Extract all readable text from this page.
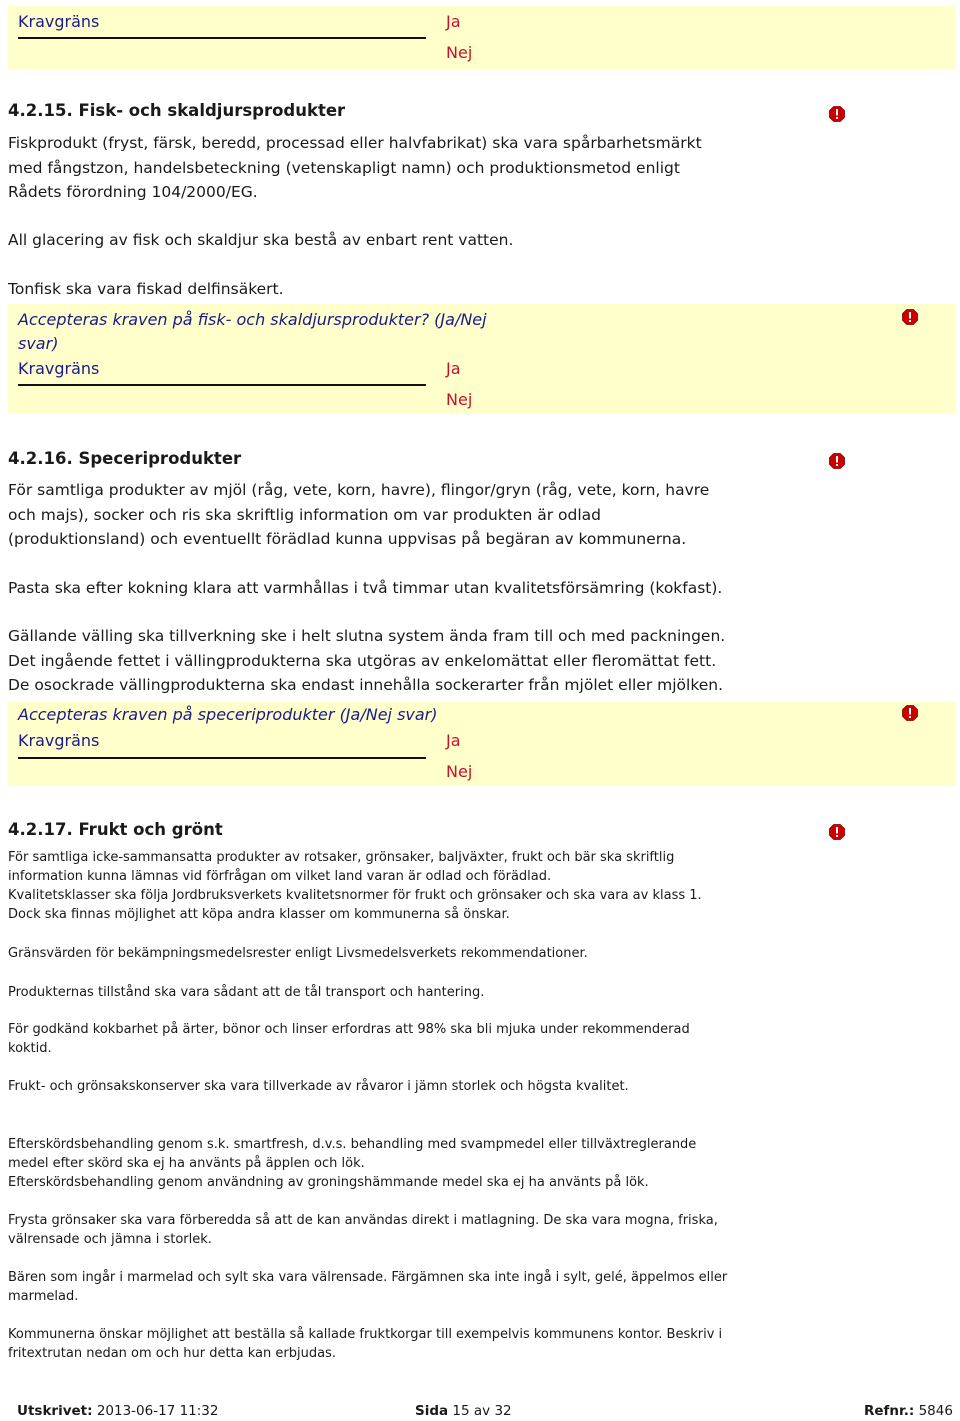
Kravgräns	Ja
Nej
4.2.15. Fisk- och skaldjursprodukter
Fiskprodukt (fryst, färsk, beredd, processad eller halvfabrikat) ska vara spårbarhetsmärkt
med fångstzon, handelsbeteckning (vetenskapligt namn) och produktionsmetod enligt
Rådets förordning 104/2000/EG.
All glacering av fisk och skaldjur ska bestå av enbart rent vatten.
Tonfisk ska vara fiskad delfinsäkert.
Accepteras kraven på fisk- och skaldjursprodukter? (Ja/Nej
svar)
Kravgräns	Ja
Nej
4.2.16. Speceriprodukter
För samtliga produkter av mjöl (råg, vete, korn, havre), flingor/gryn (råg, vete, korn, havre
och majs), socker och ris ska skriftlig information om var produkten är odlad
(produktionsland) och eventuellt förädlad kunna uppvisas på begäran av kommunerna.
Pasta ska efter kokning klara att varmhållas i två timmar utan kvalitetsförsämring (kokfast).
Gällande välling ska tillverkning ske i helt slutna system ända fram till och med packningen.
Det ingående fettet i vällingprodukterna ska utgöras av enkelomättat eller fleromättat fett.
De osockrade vällingprodukterna ska endast innehålla sockerarter från mjölet eller mjölken.
Accepteras kraven på speceriprodukter (Ja/Nej svar)
Kravgräns	Ja
Nej
4.2.17. Frukt och grönt
För samtliga icke-sammansatta produkter av rotsaker, grönsaker, baljväxter, frukt och bär ska skriftlig
information kunna lämnas vid förfrågan om vilket land varan är odlad och förädlad.
Kvalitetsklasser ska följa Jordbruksverkets kvalitetsnormer för frukt och grönsaker och ska vara av klass 1.
Dock ska finnas möjlighet att köpa andra klasser om kommunerna så önskar.
Gränsvärden för bekämpningsmedelsrester enligt Livsmedelsverkets rekommendationer.
Produkternas tillstånd ska vara sådant att de tål transport och hantering.
För godkänd kokbarhet på ärter, bönor och linser erfordras att 98% ska bli mjuka under rekommenderad
koktid.
Frukt- och grönsakskonserver ska vara tillverkade av råvaror i jämn storlek och högsta kvalitet.
Efterskördsbehandling genom s.k. smartfresh, d.v.s. behandling med svampmedel eller tillväxtreglerande
medel efter skörd ska ej ha använts på äpplen och lök.
Efterskördsbehandling genom användning av groningshämmande medel ska ej ha använts på lök.
Frysta grönsaker ska vara förberedda så att de kan användas direkt i matlagning. De ska vara mogna, friska,
välrensade och jämna i storlek.
Bären som ingår i marmelad och sylt ska vara välrensade. Färgämnen ska inte ingå i sylt, gelé, äppelmos eller
marmelad.
Kommunerna önskar möjlighet att beställa så kallade fruktkorgar till exempelvis kommunens kontor. Beskriv i
fritextrutan nedan om och hur detta kan erbjudas.
Utskrivet: 2013-06-17 11:32	Sida 15 av 32	Refnr.: 5846
